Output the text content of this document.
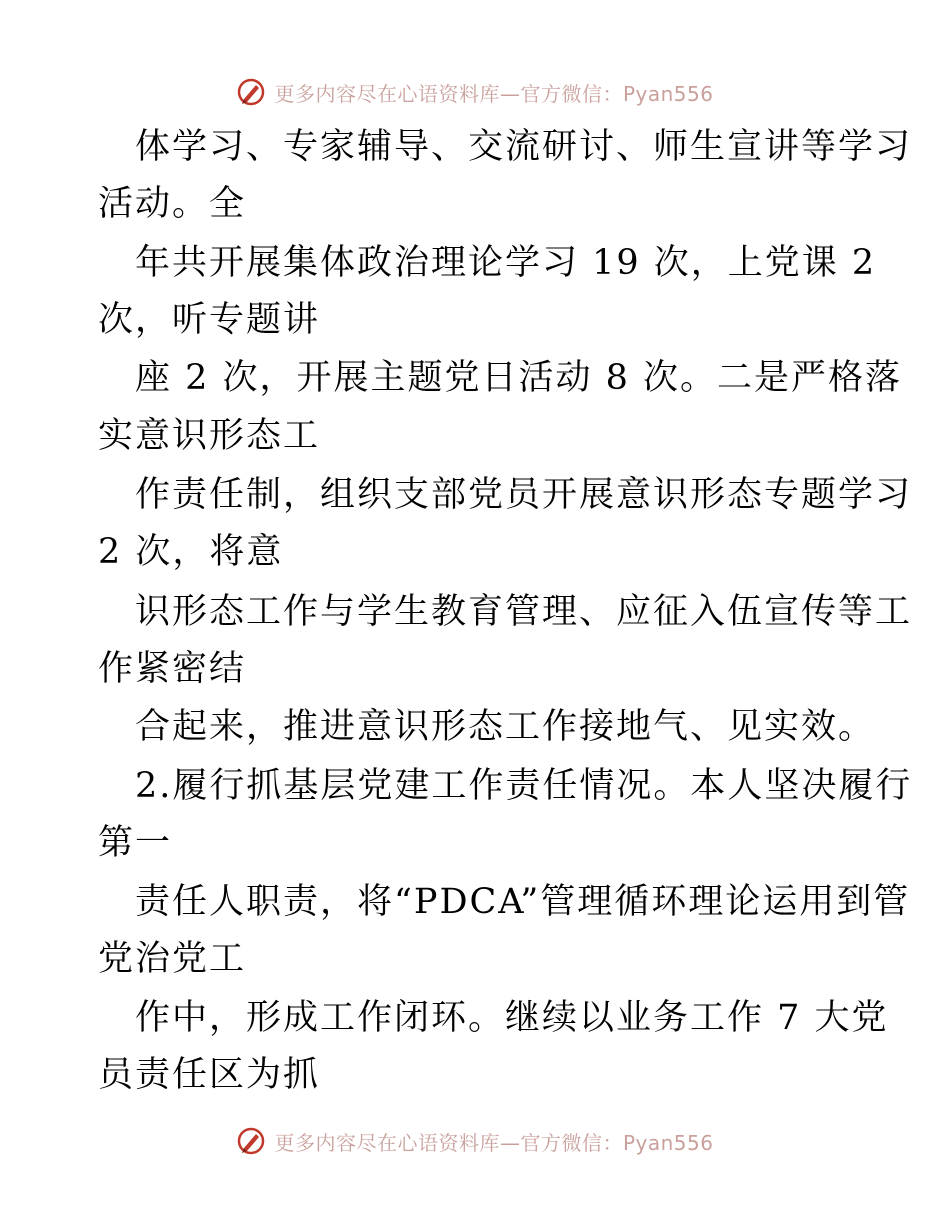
更多内容尽在心语资料库—官方微信：Pyan556
体学习、专家辅导、交流研讨、师生宣讲等学习
活动。全
年共开展集体政治理论学习 19 次，上党课 2
次，听专题讲
座 2 次，开展主题党日活动 8 次。二是严格落
实意识形态工
作责任制，组织支部党员开展意识形态专题学习
2 次，将意
识形态工作与学生教育管理、应征入伍宣传等工
作紧密结
合起来，推进意识形态工作接地气、见实效。
2.履行抓基层党建工作责任情况。本人坚决履行
第一
责任人职责，将“PDCA”管理循环理论运用到管
党治党工
作中，形成工作闭环。继续以业务工作 7 大党
员责任区为抓
更多内容尽在心语资料库—官方微信：Pyan556
